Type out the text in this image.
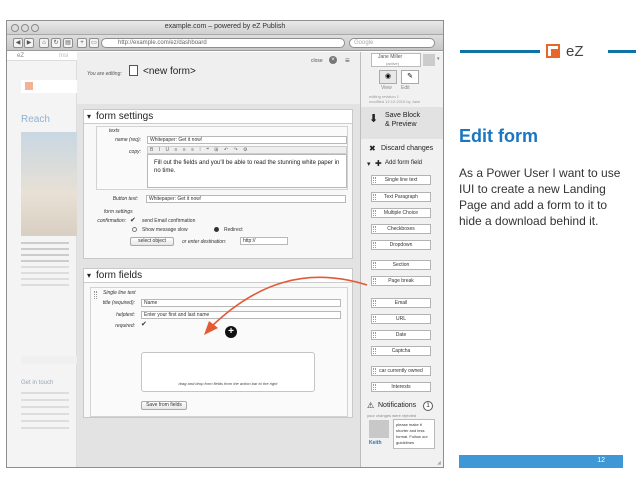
example.com – powered by eZ Publish
◀	▶	⌂	↻	▤	+	▭	http://example.com/ez/dashboard	Google
eZ	Insi
Reach
Get in touch
You are editing: <new form>
close	× ≡
▾ form settings
texts
name (req):	Whitepaper: Get it now!
copy:	B I U ≡ ≡ ≡ ⁞ ❝ ⊞ ↶ ↷ ⚙
Fill out the fields and you'll be able to read the stunning white paper in no time.
Button text:	Whitepaper: Get it now!
form settings
confirmation: ✔ send Email confirmation
Show message slow	Redirect
select object	or enter destination:	http://
▾ form fields
Single line text
title (required):	Name
helptext:	Enter your first and last name
required: ✔
drag and drop form fields from the action bar to the right
Save from fields
Jane Miller
(active)
▾
◉	✎
View Edit
editing revision 1
modified 12.12.2010 by Jane
⬇ Save Block
& Preview
✖ Discard changes
▾ ✚ Add form field
Single line text
Text Paragraph
Multiple Choice
Checkboxes
Dropdown
Section
Page break
Email
URL
Date
Captcha
car currently owned
Interests
⚠ Notifications	1
your changes were rejected
Keith
please make it shorter and less formal. Follow our guidelines
◢
+
eZ
Edit form
As a Power User I want to use IUI to create a new Landing Page and add a form to it to hide a download behind it.
12
